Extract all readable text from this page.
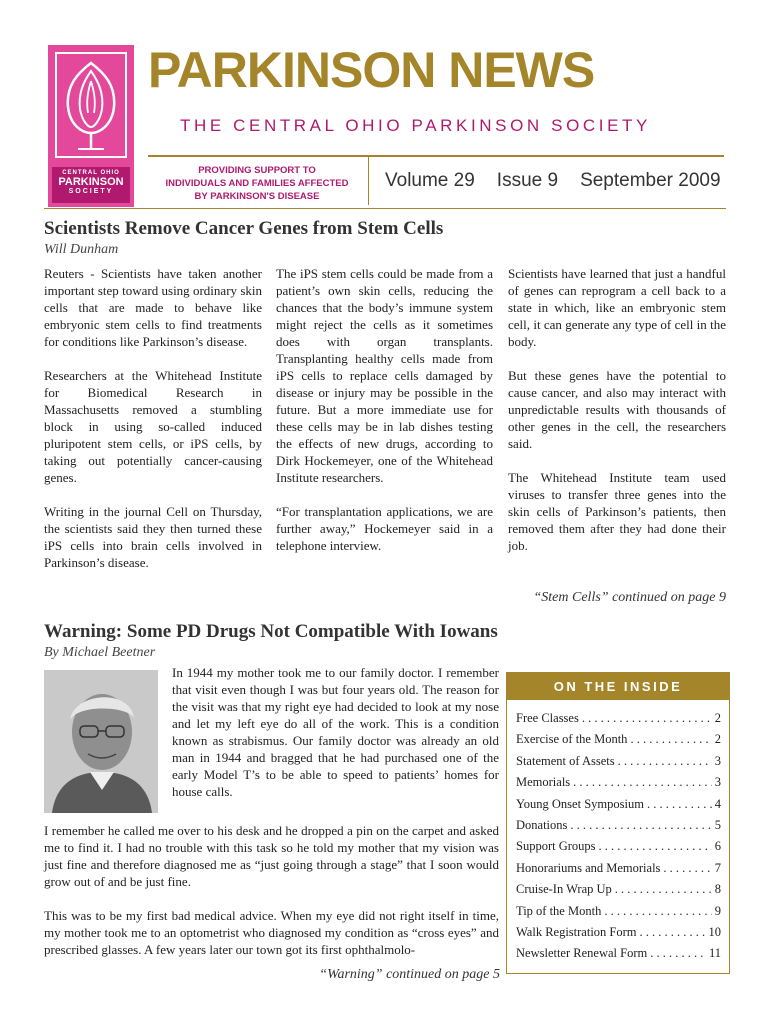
CENTRAL OHIO
PARKINSON
SOCIETY
PARKINSON NEWS
THE CENTRAL OHIO PARKINSON SOCIETY
PROVIDING SUPPORT TO
INDIVIDUALS AND FAMILIES AFFECTED
BY PARKINSON'S DISEASE
Volume 29 Issue 9 September 2009
Scientists Remove Cancer Genes from Stem Cells
Will Dunham

Reuters - Scientists have taken another important step toward using ordinary skin cells that are made to behave like embryonic stem cells to find treatments for conditions like Parkinson’s disease.

Researchers at the Whitehead Institute for Biomedical Research in Massachusetts removed a stumbling block in using so-called induced pluripotent stem cells, or iPS cells, by taking out potentially cancer-causing genes.

Writing in the journal Cell on Thursday, the scientists said they then turned these iPS cells into brain cells involved in Parkinson’s disease.

The iPS stem cells could be made from a patient’s own skin cells, reducing the chances that the body’s immune system might reject the cells as it sometimes does with organ transplants. Transplanting healthy cells made from iPS cells to replace cells damaged by disease or injury may be possible in the future. But a more immediate use for these cells may be in lab dishes testing the effects of new drugs, according to Dirk Hockemeyer, one of the Whitehead Institute researchers.

“For transplantation applications, we are further away,” Hockemeyer said in a telephone interview.

Scientists have learned that just a handful of genes can reprogram a cell back to a state in which, like an embryonic stem cell, it can generate any type of cell in the body.

But these genes have the potential to cause cancer, and also may interact with unpredictable results with thousands of other genes in the cell, the researchers said.

The Whitehead Institute team used viruses to transfer three genes into the skin cells of Parkinson’s patients, then removed them after they had done their job.

“Stem Cells” continued on page 9
Warning: Some PD Drugs Not Compatible With Iowans
By Michael Beetner

In 1944 my mother took me to our family doctor. I remember that visit even though I was but four years old. The reason for the visit was that my right eye had decided to look at my nose and let my left eye do all of the work. This is a condition known as strabismus. Our family doctor was already an old man in 1944 and bragged that he had purchased one of the early Model T’s to be able to speed to patients’ homes for house calls.

I remember he called me over to his desk and he dropped a pin on the carpet and asked me to find it. I had no trouble with this task so he told my mother that my vision was just fine and therefore diagnosed me as “just going through a stage” that I soon would grow out of and be just fine.

This was to be my first bad medical advice. When my eye did not right itself in time, my mother took me to an optometrist who diagnosed my condition as “cross eyes” and prescribed glasses. A few years later our town got its first ophthalmolo-

“Warning” continued on page 5
ON THE INSIDE
Free Classes . . .	2
Exercise of the Month . . .	2
Statement of Assets . . .	3
Memorials . . .	3
Young Onset Symposium . . .	4
Donations . . .	5
Support Groups . . .	6
Honorariums and Memorials . . .	7
Cruise-In Wrap Up . . .	8
Tip of the Month . . .	9
Walk Registration Form . . .	10
Newsletter Renewal Form . . .	11
